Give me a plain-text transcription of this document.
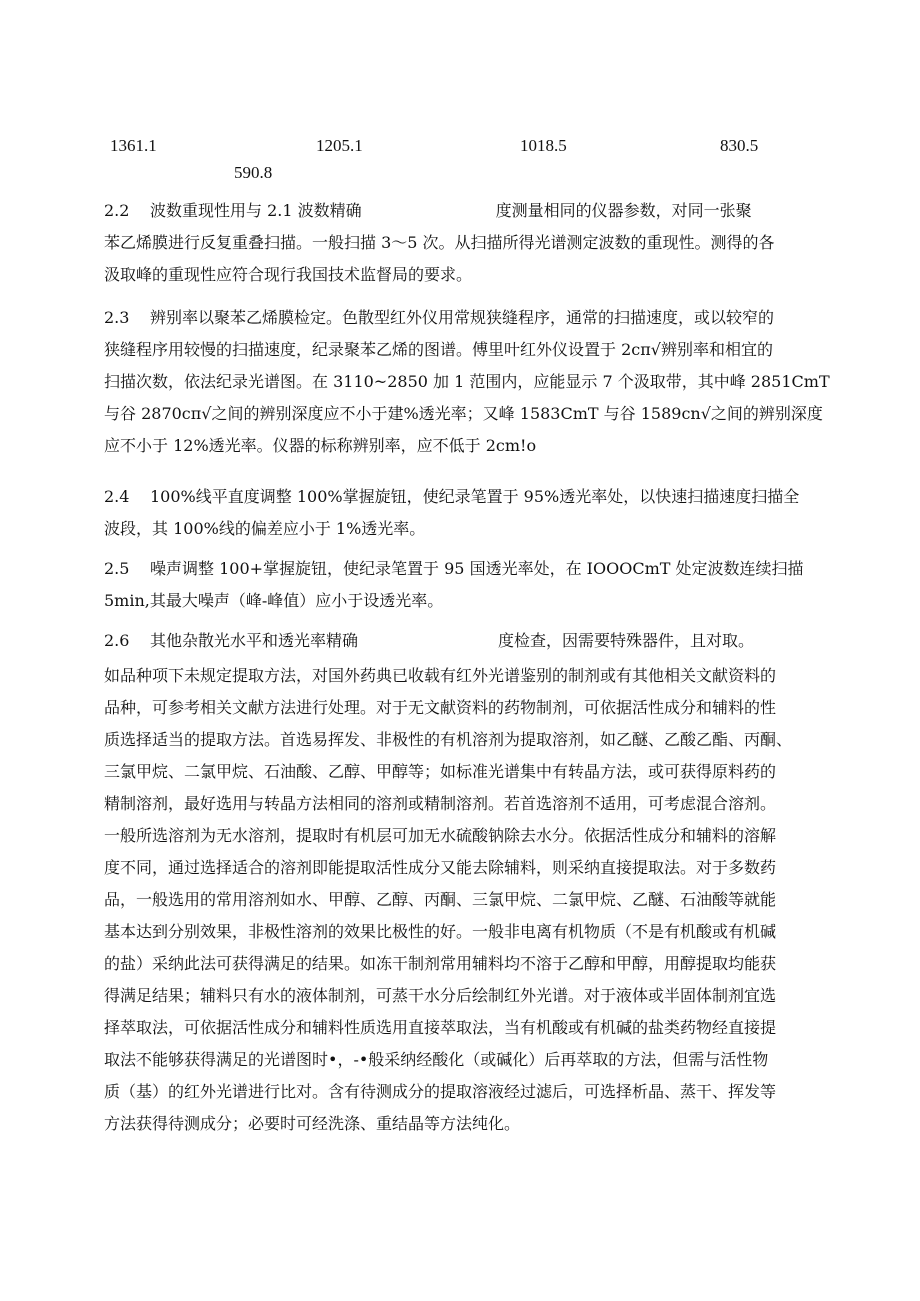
1361.1	1205.1	1018.5	830.5
590.8
2.2 波数重现性用与 2.1 波数精确	度测量相同的仪器参数，对同一张聚
苯乙烯膜进行反复重叠扫描。一般扫描 3～5 次。从扫描所得光谱测定波数的重现性。测得的各
汲取峰的重现性应符合现行我国技术监督局的要求。
2.3 辨别率以聚苯乙烯膜检定。色散型红外仪用常规狭缝程序，通常的扫描速度，或以较窄的
狭缝程序用较慢的扫描速度，纪录聚苯乙烯的图谱。傅里叶红外仪设置于 2cπ√辨别率和相宜的
扫描次数，依法纪录光谱图。在 3110~2850 加 1 范围内，应能显示 7 个汲取带，其中峰 2851CmT
与谷 2870cπ√之间的辨别深度应不小于建%透光率；又峰 1583CmT 与谷 1589cn√之间的辨别深度
应不小于 12%透光率。仪器的标称辨别率，应不低于 2cm!o
2.4 100%线平直度调整 100%掌握旋钮，使纪录笔置于 95%透光率处，以快速扫描速度扫描全
波段，其 100%线的偏差应小于 1%透光率。
2.5 噪声调整 100+掌握旋钮，使纪录笔置于 95 国透光率处，在 IOOOCmT 处定波数连续扫描
5min,其最大噪声（峰-峰值）应小于设透光率。
2.6 其他杂散光水平和透光率精确	度检查，因需要特殊器件，且对取。
如品种项下未规定提取方法，对国外药典已收载有红外光谱鉴别的制剂或有其他相关文献资料的
品种，可参考相关文献方法进行处理。对于无文献资料的药物制剂，可依据活性成分和辅料的性
质选择适当的提取方法。首选易挥发、非极性的有机溶剂为提取溶剂，如乙醚、乙酸乙酯、丙酮、
三氯甲烷、二氯甲烷、石油酸、乙醇、甲醇等；如标准光谱集中有转晶方法，或可获得原料药的
精制溶剂，最好选用与转晶方法相同的溶剂或精制溶剂。若首选溶剂不适用，可考虑混合溶剂。
一般所选溶剂为无水溶剂，提取时有机层可加无水硫酸钠除去水分。依据活性成分和辅料的溶解
度不同，通过选择适合的溶剂即能提取活性成分又能去除辅料，则采纳直接提取法。对于多数药
品，一般选用的常用溶剂如水、甲醇、乙醇、丙酮、三氯甲烷、二氯甲烷、乙醚、石油酸等就能
基本达到分别效果，非极性溶剂的效果比极性的好。一般非电离有机物质（不是有机酸或有机碱
的盐）采纳此法可获得满足的结果。如冻干制剂常用辅料均不溶于乙醇和甲醇，用醇提取均能获
得满足结果；辅料只有水的液体制剂，可蒸干水分后绘制红外光谱。对于液体或半固体制剂宜选
择萃取法，可依据活性成分和辅料性质选用直接萃取法，当有机酸或有机碱的盐类药物经直接提
取法不能够获得满足的光谱图时•，-•般采纳经酸化（或碱化）后再萃取的方法，但需与活性物
质（基）的红外光谱进行比对。含有待测成分的提取溶液经过滤后，可选择析晶、蒸干、挥发等
方法获得待测成分；必要时可经洗涤、重结晶等方法纯化。
